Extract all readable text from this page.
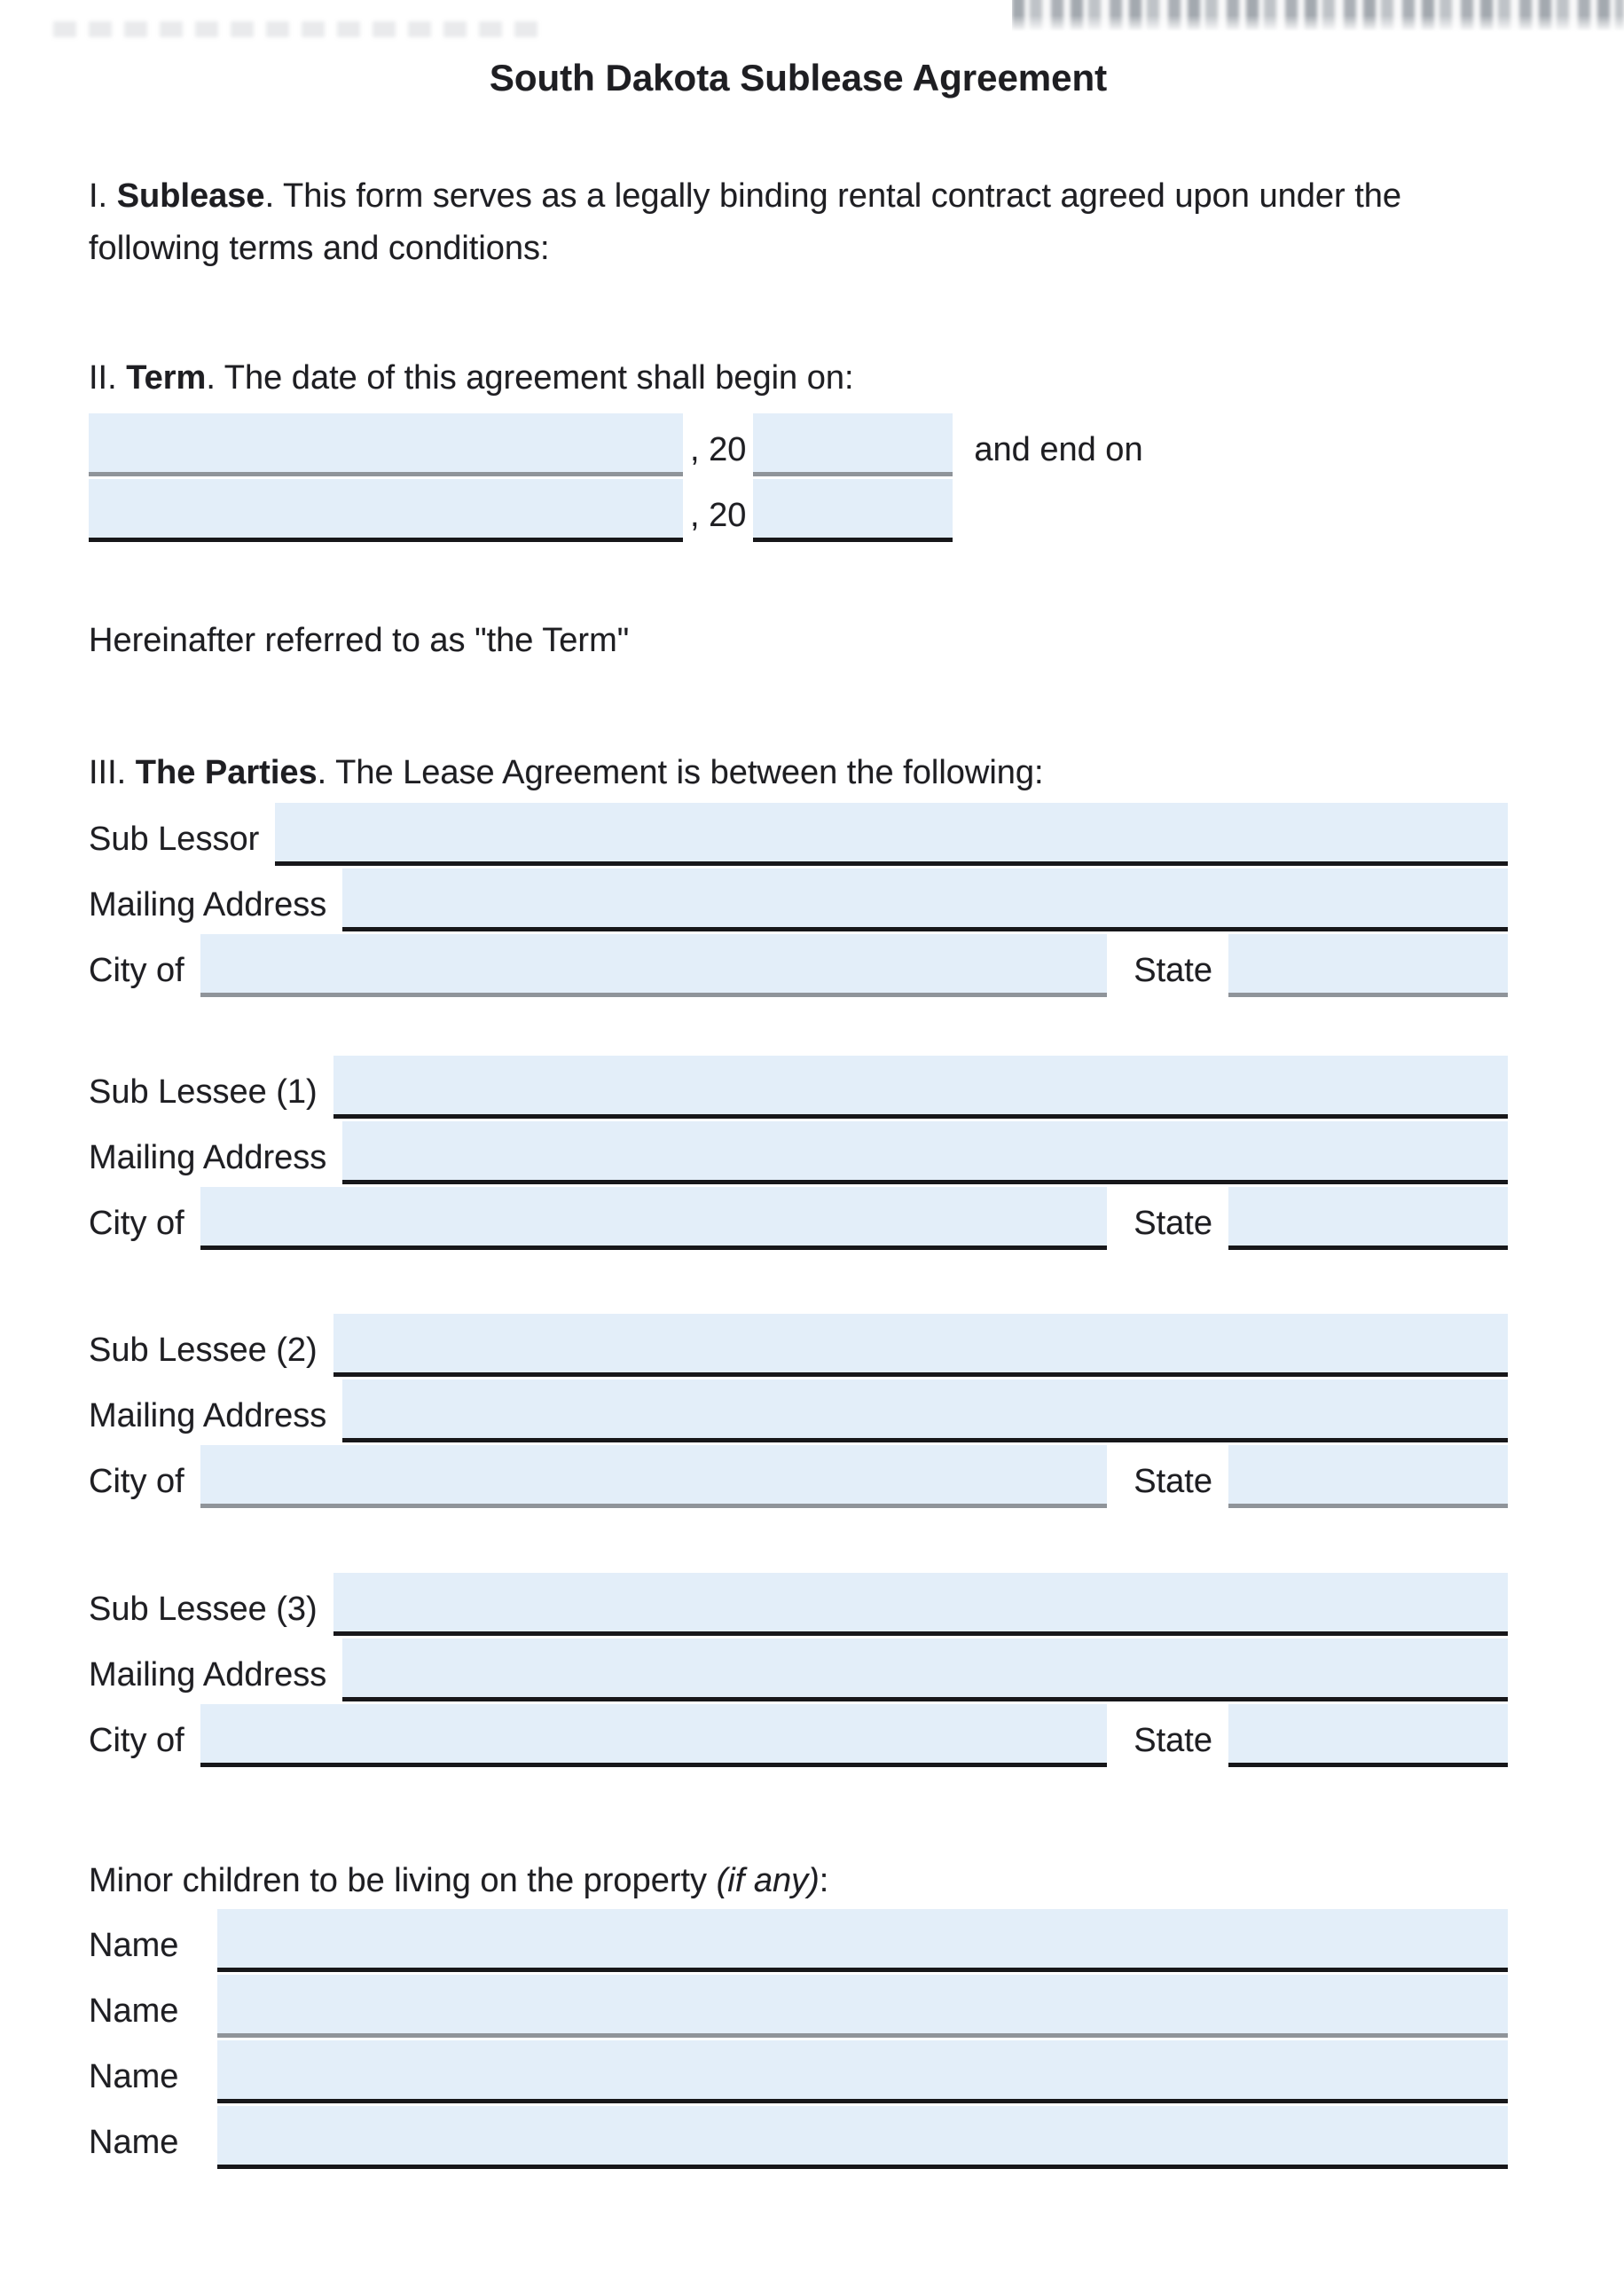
South Dakota Sublease Agreement

I. Sublease. This form serves as a legally binding rental contract agreed upon under the following terms and conditions:

II. Term. The date of this agreement shall begin on:

, 20	and end on
, 20

Hereinafter referred to as "the Term"

III. The Parties. The Lease Agreement is between the following:

Sub Lessor
Mailing Address
City of	State
Sub Lessee (1)
Mailing Address
City of	State
Sub Lessee (2)
Mailing Address
City of	State
Sub Lessee (3)
Mailing Address
City of	State

Minor children to be living on the property (if any):

Name
Name
Name
Name
